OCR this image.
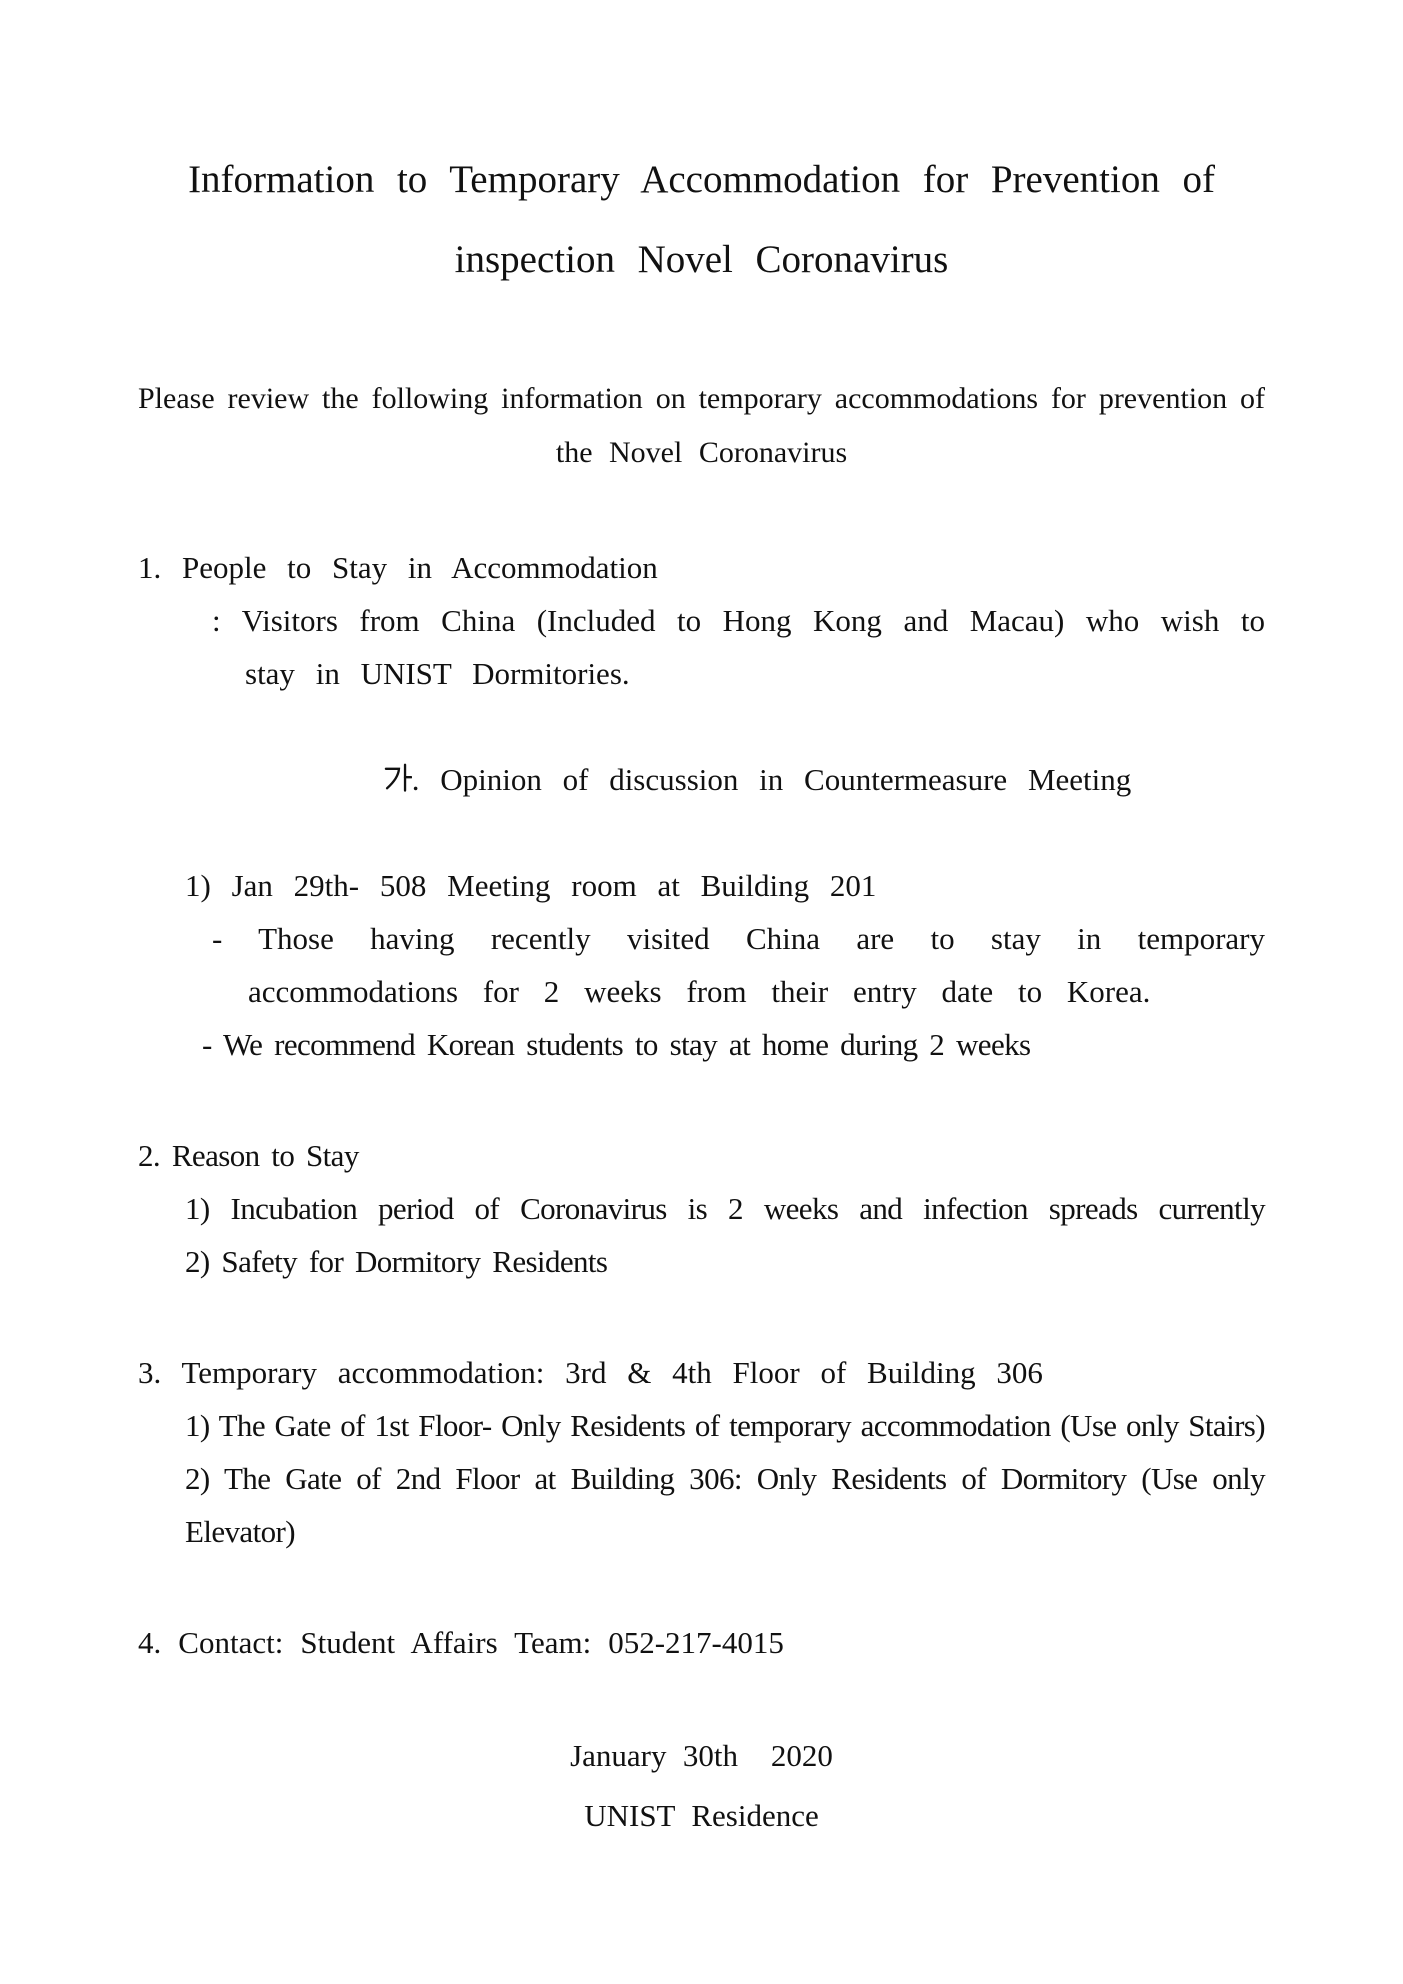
Information to Temporary Accommodation for Prevention of
inspection Novel Coronavirus
Please review the following information on temporary accommodations for prevention of
the Novel Coronavirus
1. People to Stay in Accommodation
: Visitors from China (Included to Hong Kong and Macau) who wish to
stay in UNIST Dormitories.

. Opinion of discussion in Countermeasure Meeting

1) Jan 29th- 508 Meeting room at Building 201
- Those having recently visited China are to stay in temporary
accommodations for 2 weeks from their entry date to Korea.
- We recommend Korean students to stay at home during 2 weeks
2. Reason to Stay
1) Incubation period of Coronavirus is 2 weeks and infection spreads currently
2) Safety for Dormitory Residents
3. Temporary accommodation: 3rd & 4th Floor of Building 306
1) The Gate of 1st Floor- Only Residents of temporary accommodation (Use only Stairs)
2) The Gate of 2nd Floor at Building 306: Only Residents of Dormitory (Use only Elevator)
4. Contact: Student Affairs Team: 052-217-4015
January 30th  2020
UNIST Residence
